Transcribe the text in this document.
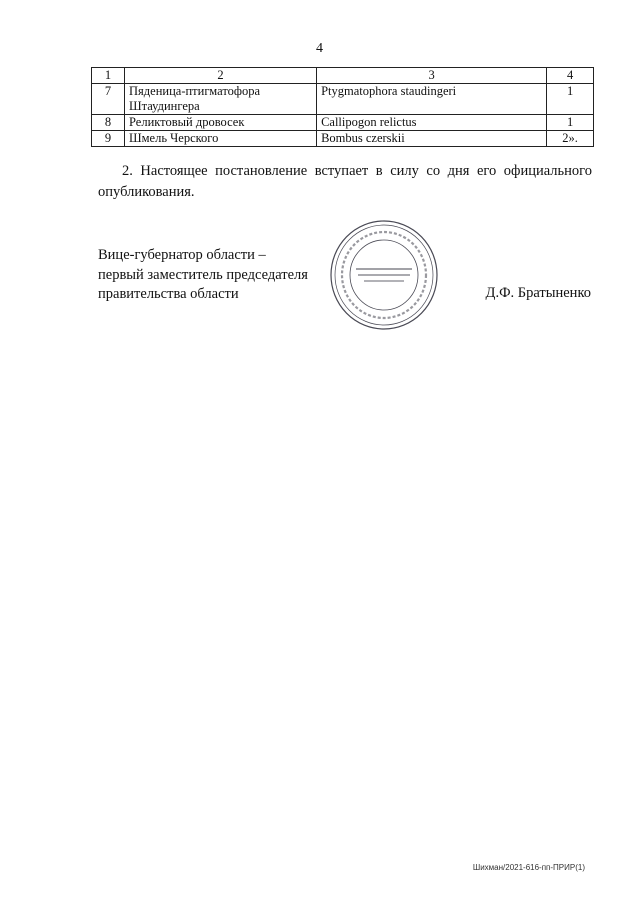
4
1	2	3	4
7	Пяденица-птигматофора Штаудингера	Ptygmatophora staudingeri	1
8	Реликтовый дровосек	Callipogon relictus	1
9	Шмель Черского	Bombus czerskii	2».

2. Настоящее постановление вступает в силу со дня его официального опубликования.

Вице-губернатор области –
первый заместитель председателя
правительства области	Д.Ф. Братыненко
Шихман/2021-616-пп-ПРИР(1)
